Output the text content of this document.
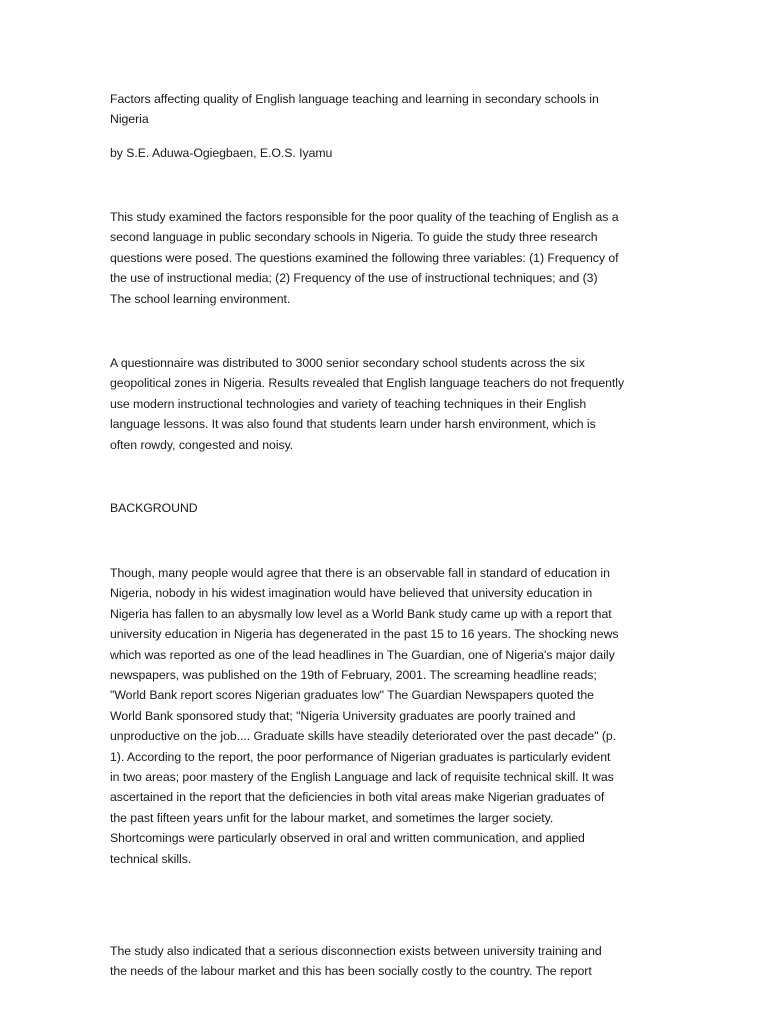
Factors affecting quality of English language teaching and learning in secondary schools in
Nigeria

by S.E. Aduwa-Ogiegbaen, E.O.S. Iyamu

This study examined the factors responsible for the poor quality of the teaching of English as a
second language in public secondary schools in Nigeria. To guide the study three research
questions were posed. The questions examined the following three variables: (1) Frequency of
the use of instructional media; (2) Frequency of the use of instructional techniques; and (3)
The school learning environment.

A questionnaire was distributed to 3000 senior secondary school students across the six
geopolitical zones in Nigeria. Results revealed that English language teachers do not frequently
use modern instructional technologies and variety of teaching techniques in their English
language lessons. It was also found that students learn under harsh environment, which is
often rowdy, congested and noisy.

BACKGROUND

Though, many people would agree that there is an observable fall in standard of education in
Nigeria, nobody in his widest imagination would have believed that university education in
Nigeria has fallen to an abysmally low level as a World Bank study came up with a report that
university education in Nigeria has degenerated in the past 15 to 16 years. The shocking news
which was reported as one of the lead headlines in The Guardian, one of Nigeria's major daily
newspapers, was published on the 19th of February, 2001. The screaming headline reads;
"World Bank report scores Nigerian graduates low" The Guardian Newspapers quoted the
World Bank sponsored study that; "Nigeria University graduates are poorly trained and
unproductive on the job.... Graduate skills have steadily deteriorated over the past decade" (p.
1). According to the report, the poor performance of Nigerian graduates is particularly evident
in two areas; poor mastery of the English Language and lack of requisite technical skill. It was
ascertained in the report that the deficiencies in both vital areas make Nigerian graduates of
the past fifteen years unfit for the labour market, and sometimes the larger society.
Shortcomings were particularly observed in oral and written communication, and applied
technical skills.

The study also indicated that a serious disconnection exists between university training and
the needs of the labour market and this has been socially costly to the country. The report
